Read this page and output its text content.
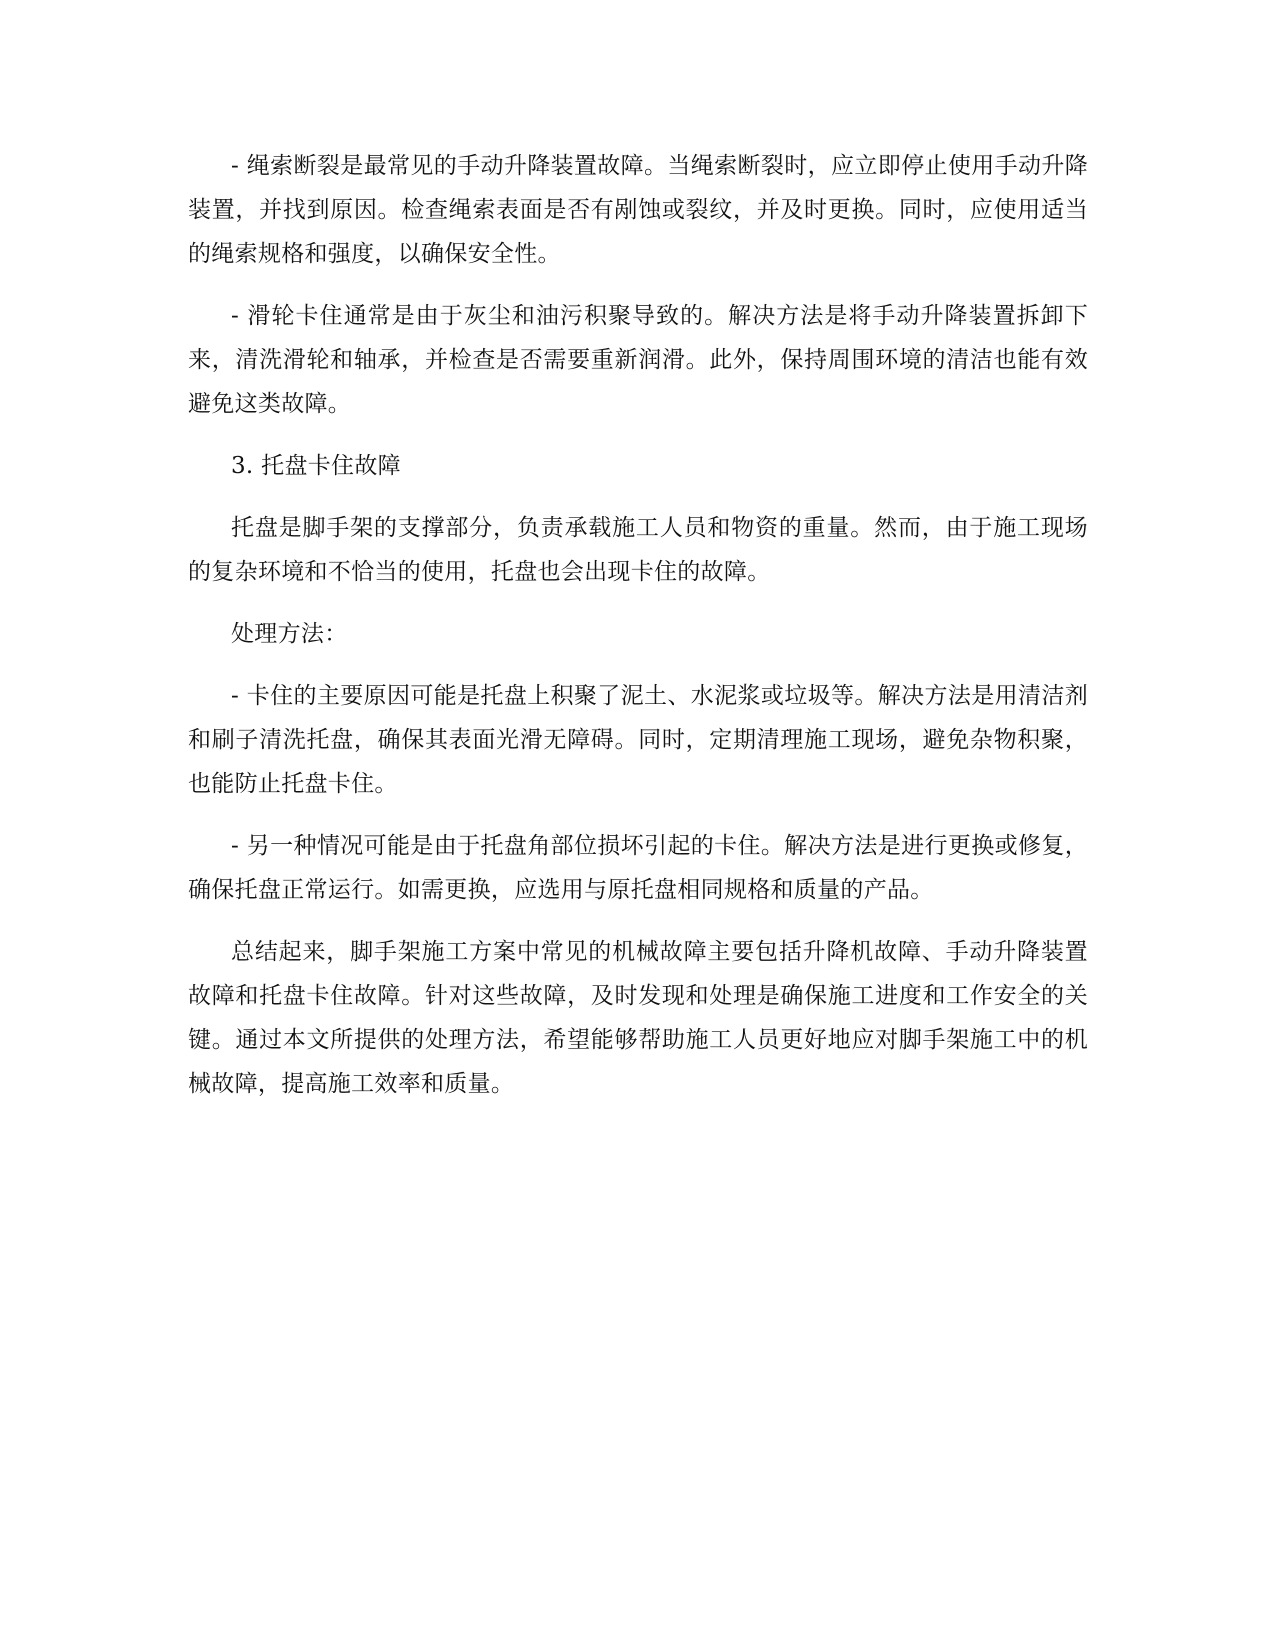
- 绳索断裂是最常见的手动升降装置故障。当绳索断裂时，应立即停止使用手动升降装置，并找到原因。检查绳索表面是否有剐蚀或裂纹，并及时更换。同时，应使用适当的绳索规格和强度，以确保安全性。

- 滑轮卡住通常是由于灰尘和油污积聚导致的。解决方法是将手动升降装置拆卸下来，清洗滑轮和轴承，并检查是否需要重新润滑。此外，保持周围环境的清洁也能有效避免这类故障。

3. 托盘卡住故障

托盘是脚手架的支撑部分，负责承载施工人员和物资的重量。然而，由于施工现场的复杂环境和不恰当的使用，托盘也会出现卡住的故障。

处理方法：

- 卡住的主要原因可能是托盘上积聚了泥土、水泥浆或垃圾等。解决方法是用清洁剂和刷子清洗托盘，确保其表面光滑无障碍。同时，定期清理施工现场，避免杂物积聚，也能防止托盘卡住。

- 另一种情况可能是由于托盘角部位损坏引起的卡住。解决方法是进行更换或修复，确保托盘正常运行。如需更换，应选用与原托盘相同规格和质量的产品。

总结起来，脚手架施工方案中常见的机械故障主要包括升降机故障、手动升降装置故障和托盘卡住故障。针对这些故障，及时发现和处理是确保施工进度和工作安全的关键。通过本文所提供的处理方法，希望能够帮助施工人员更好地应对脚手架施工中的机械故障，提高施工效率和质量。
